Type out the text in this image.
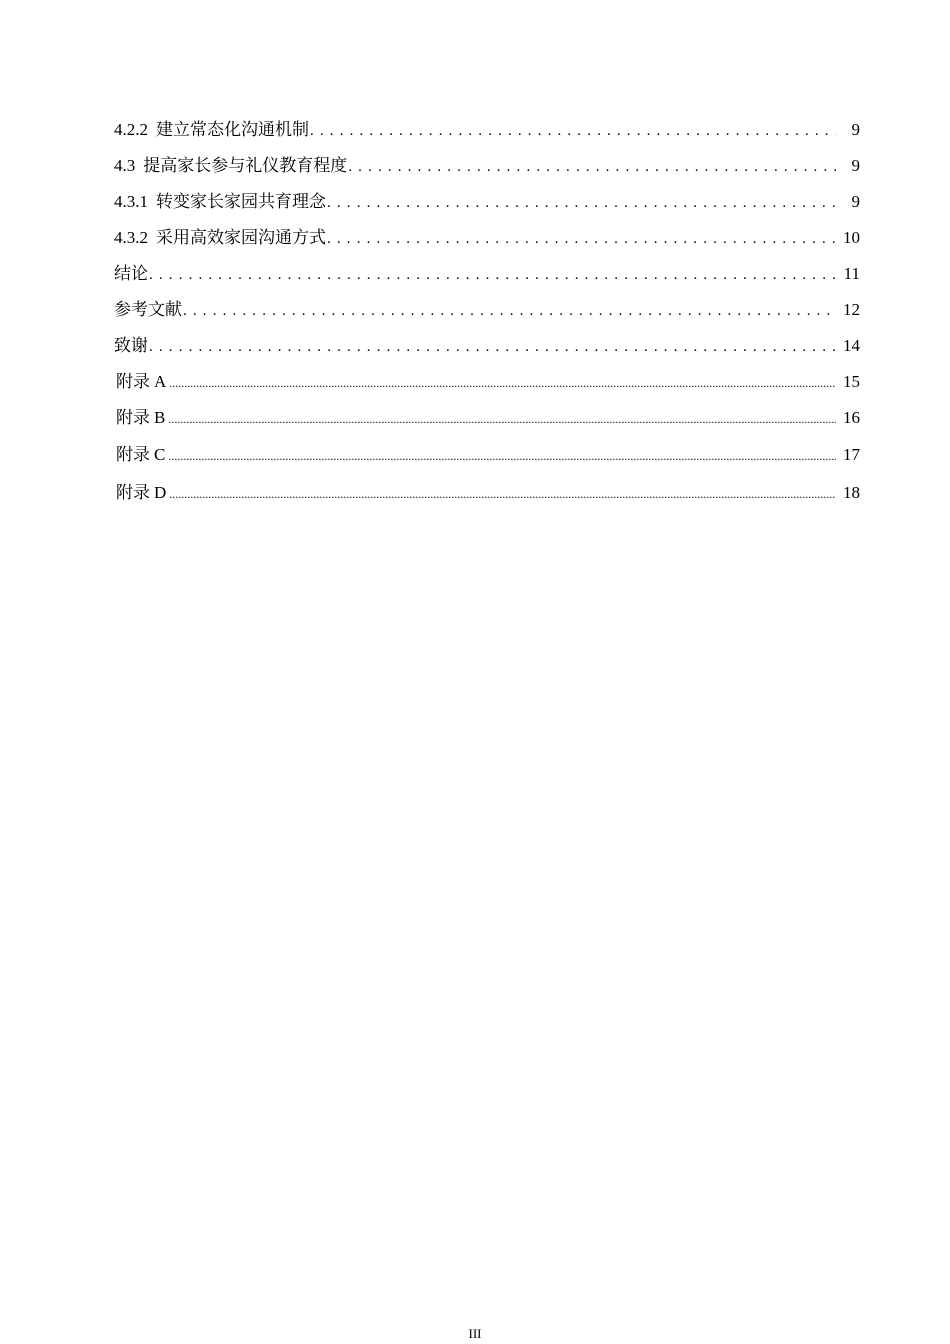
4.2.2 建立常态化沟通机制 . . .	9
4.3 提高家长参与礼仪教育程度 . . .	9
4.3.1 转变家长家园共育理念 . . .	9
4.3.2 采用高效家园沟通方式 . . .	10
结论 . . .	11
参考文献 . . .	12
致谢 . . .	14
附录 A .....	15
附录 B .....	16
附录 C .....	17
附录 D .....	18
III
